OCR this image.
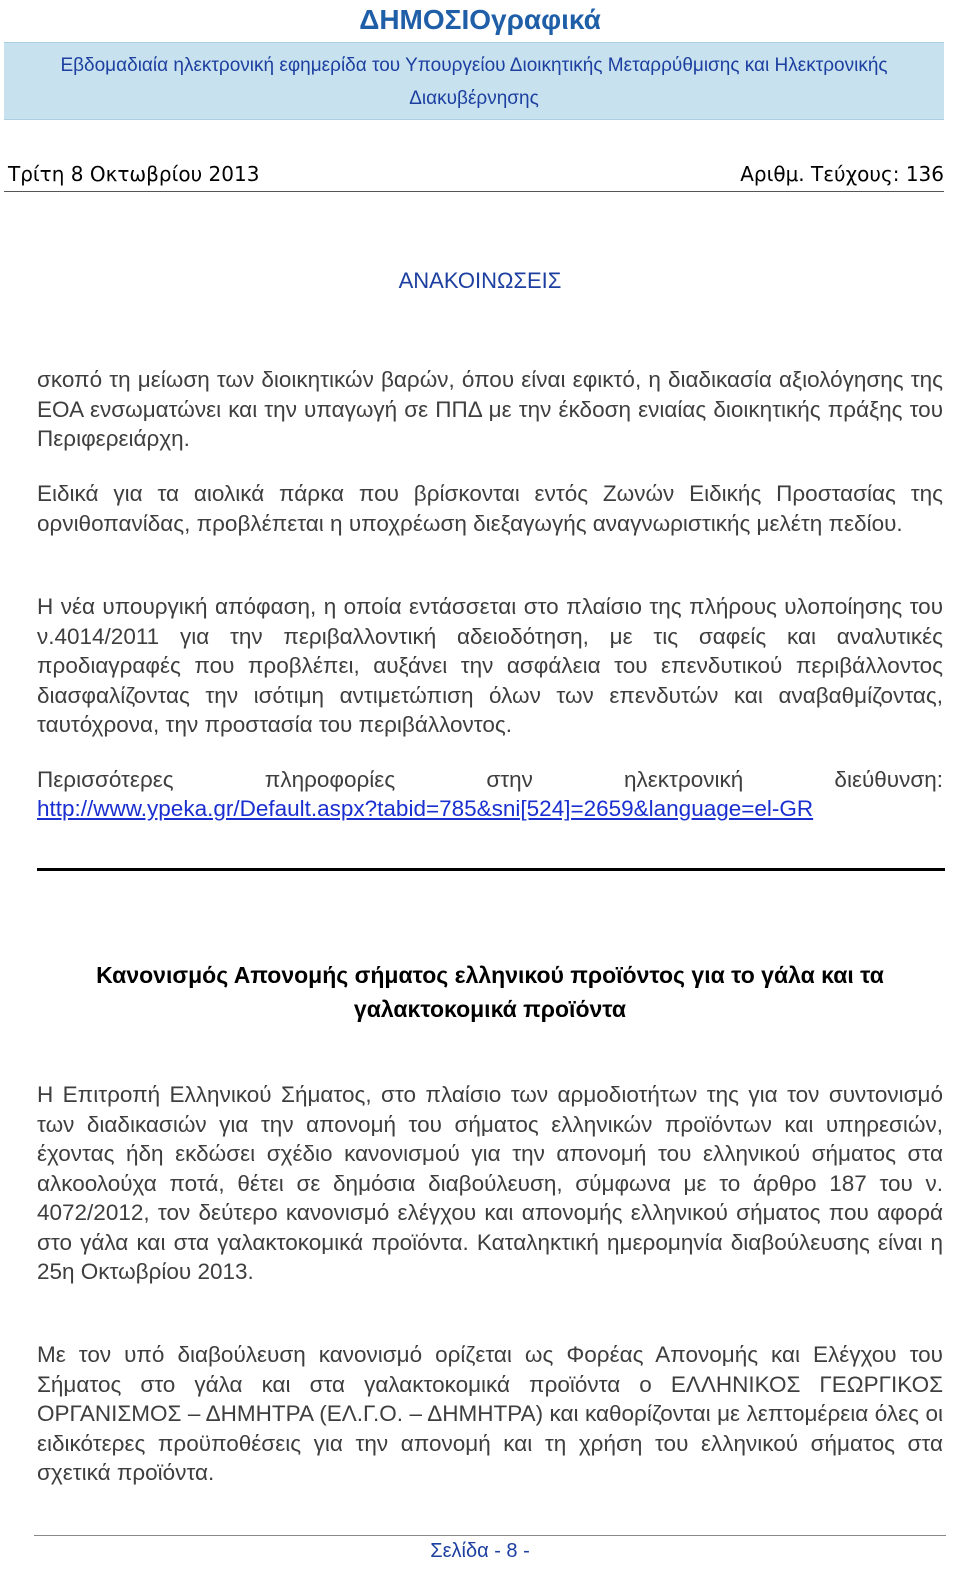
ΔΗΜΟΣΙΟγραφικά
Εβδομαδιαία ηλεκτρονική εφημερίδα του Υπουργείου Διοικητικής Μεταρρύθμισης και Ηλεκτρονικής Διακυβέρνησης
Τρίτη 8 Οκτωβρίου 2013	Αριθμ. Τεύχους: 136
ΑΝΑΚΟΙΝΩΣΕΙΣ

σκοπό τη μείωση των διοικητικών βαρών, όπου είναι εφικτό, η διαδικασία αξιολόγησης της ΕΟΑ ενσωματώνει και την υπαγωγή σε ΠΠΔ με την έκδοση ενιαίας διοικητικής πράξης του Περιφερειάρχη.

Ειδικά για τα αιολικά πάρκα που βρίσκονται εντός Ζωνών Ειδικής Προστασίας της ορνιθοπανίδας, προβλέπεται η υποχρέωση διεξαγωγής αναγνωριστικής μελέτη πεδίου.

Η νέα υπουργική απόφαση, η οποία εντάσσεται στο πλαίσιο της πλήρους υλοποίησης του ν.4014/2011 για την περιβαλλοντική αδειοδότηση, με τις σαφείς και αναλυτικές προδιαγραφές που προβλέπει, αυξάνει την ασφάλεια του επενδυτικού περιβάλλοντος διασφαλίζοντας την ισότιμη αντιμετώπιση όλων των επενδυτών και αναβαθμίζοντας, ταυτόχρονα, την προστασία του περιβάλλοντος.

Περισσότερες πληροφορίες στην ηλεκτρονική διεύθυνση:

http://www.ypeka.gr/Default.aspx?tabid=785&sni[524]=2659&language=el-GR

Κανονισμός Απονομής σήματος ελληνικού προϊόντος για το γάλα και τα γαλακτοκομικά προϊόντα

Η Επιτροπή Ελληνικού Σήματος, στο πλαίσιο των αρμοδιοτήτων της για τον συντονισμό των διαδικασιών για την απονομή του σήματος ελληνικών προϊόντων και υπηρεσιών, έχοντας ήδη εκδώσει σχέδιο κανονισμού για την απονομή του ελληνικού σήματος στα αλκοολούχα ποτά, θέτει σε δημόσια διαβούλευση, σύμφωνα με το άρθρο 187 του ν. 4072/2012, τον δεύτερο κανονισμό ελέγχου και απονομής ελληνικού σήματος που αφορά στο γάλα και στα γαλακτοκομικά προϊόντα. Καταληκτική ημερομηνία διαβούλευσης είναι η 25η Οκτωβρίου 2013.

Με τον υπό διαβούλευση κανονισμό ορίζεται ως Φορέας Απονομής και Ελέγχου του Σήματος στο γάλα και στα γαλακτοκομικά προϊόντα ο ΕΛΛΗΝΙΚΟΣ ΓΕΩΡΓΙΚΟΣ ΟΡΓΑΝΙΣΜΟΣ – ΔΗΜΗΤΡΑ (ΕΛ.Γ.Ο. – ΔΗΜΗΤΡΑ) και καθορίζονται με λεπτομέρεια όλες οι ειδικότερες προϋποθέσεις για την απονομή και τη χρήση του ελληνικού σήματος στα σχετικά προϊόντα.

Σελίδα - 8 -
